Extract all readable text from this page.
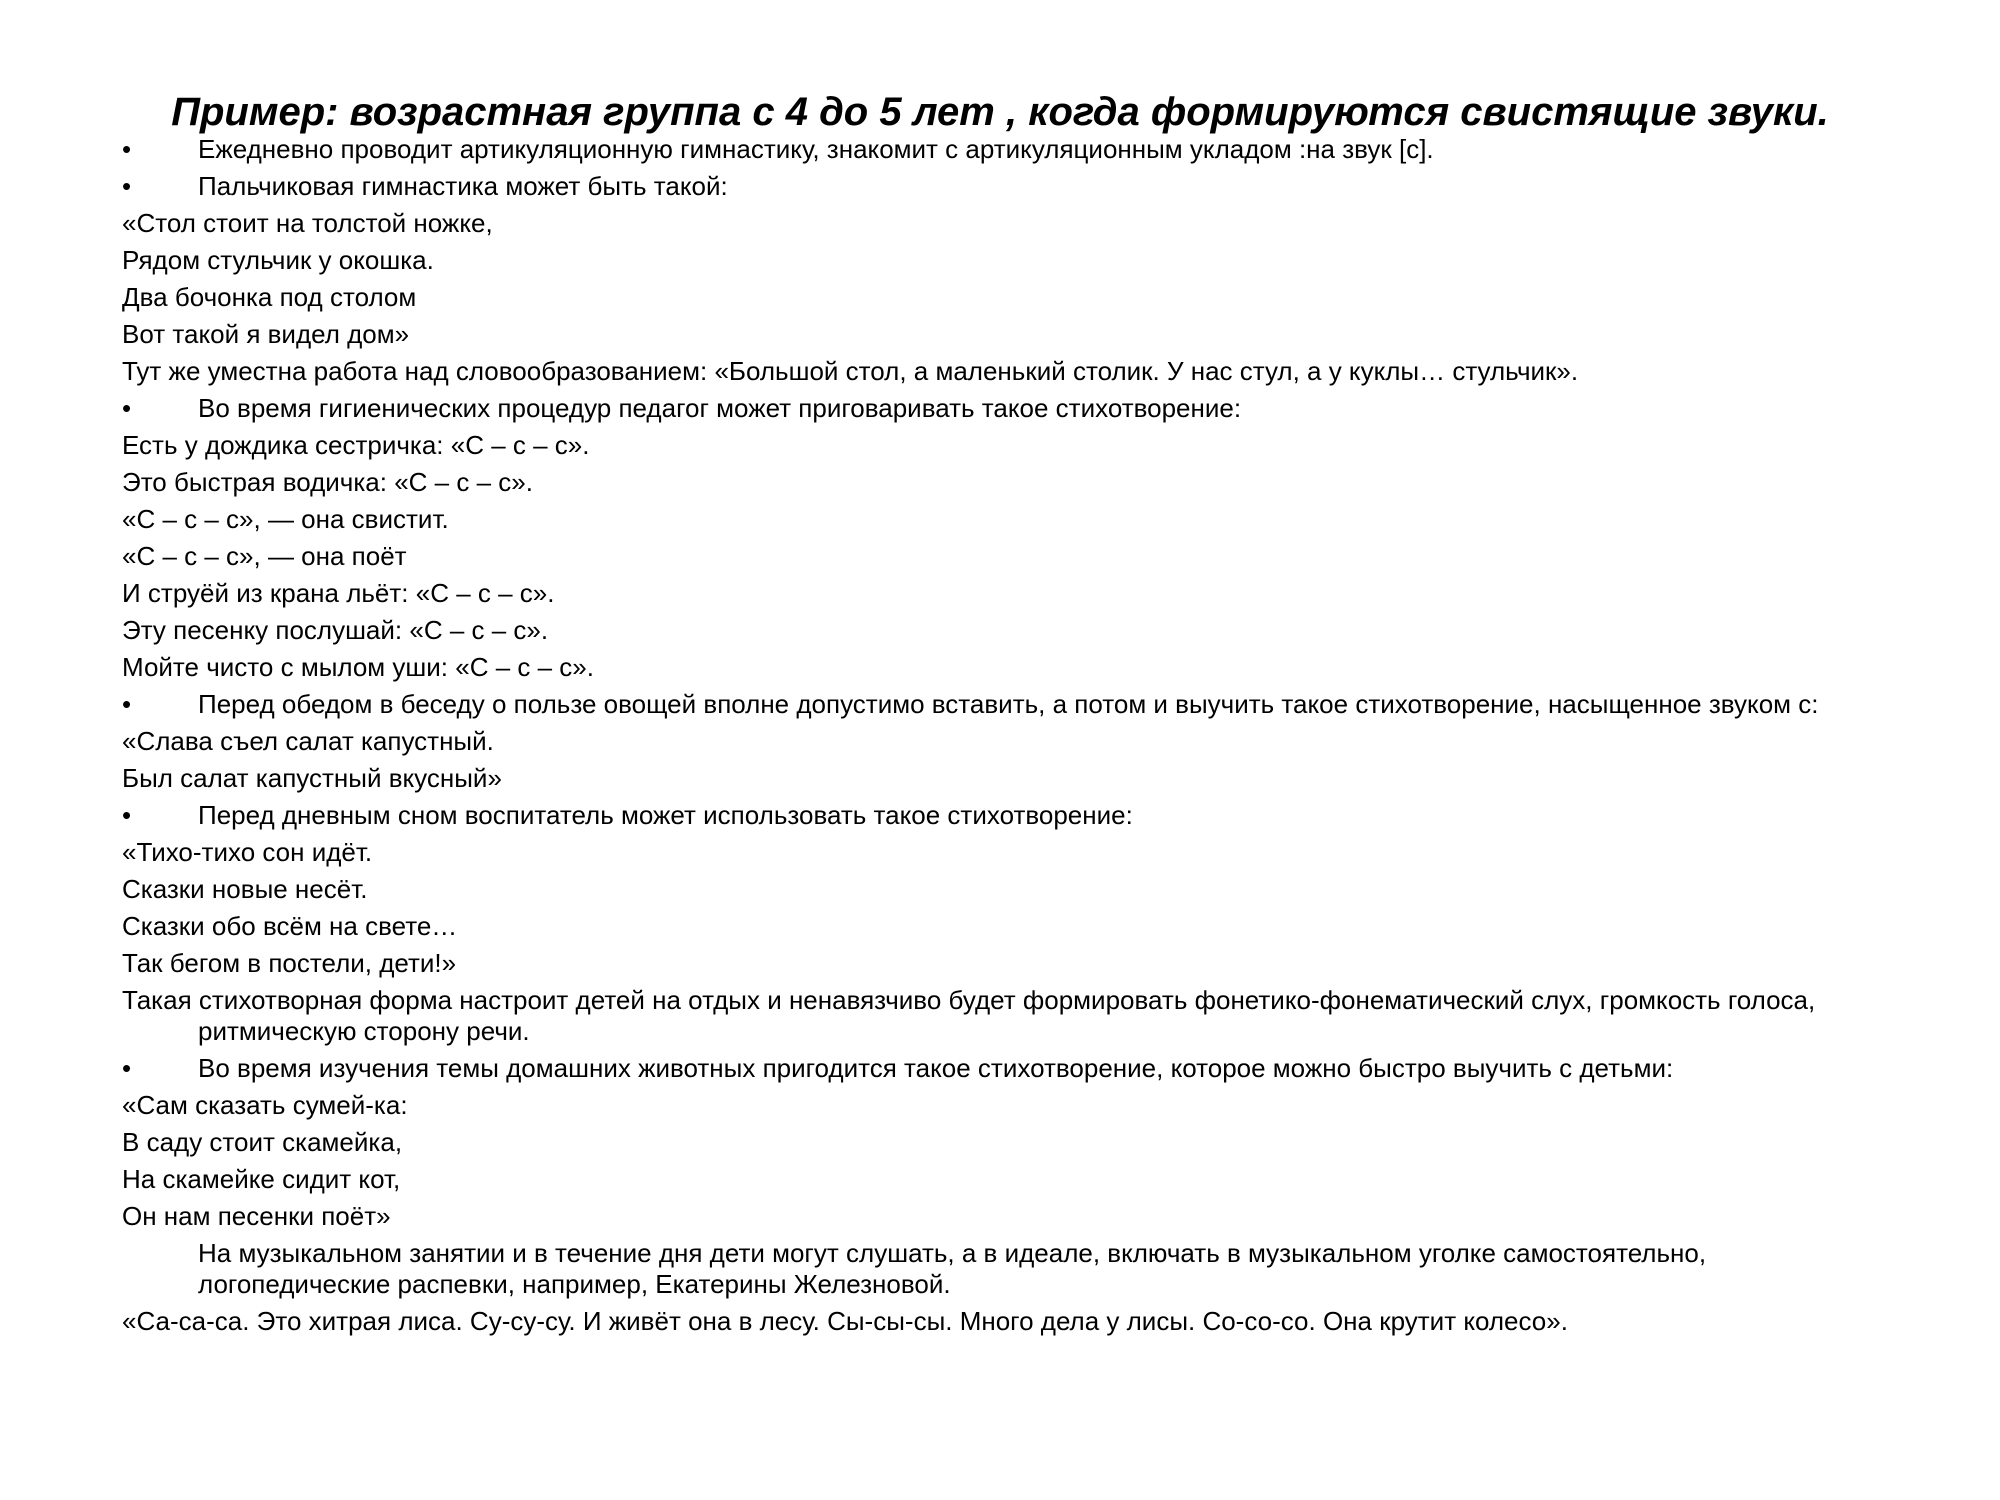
Пример: возрастная группа с 4 до 5 лет , когда формируются свистящие звуки.
•	Ежедневно проводит артикуляционную гимнастику, знакомит с артикуляционным укладом :на звук [с].
•	Пальчиковая гимнастика может быть такой:
«Стол стоит на толстой ножке,
Рядом стульчик у окошка.
Два бочонка под столом
Вот такой я видел дом»
Тут же уместна работа над словообразованием: «Большой стол, а маленький столик. У нас стул, а у куклы… стульчик».
•	Во время гигиенических процедур педагог может приговаривать такое стихотворение:
Есть у дождика сестричка: «С – с – с».
Это быстрая водичка: «С – с – с».
«С – с – с», — она свистит.
«С – с – с», — она поёт
И струёй из крана льёт: «С – с – с».
Эту песенку послушай: «С – с – с».
Мойте чисто с мылом уши: «С – с – с».
•	Перед обедом в беседу о пользе овощей вполне допустимо вставить, а потом и выучить такое стихотворение, насыщенное звуком с:
«Слава съел салат капустный.
Был салат капустный вкусный»
•	Перед дневным сном воспитатель может использовать такое стихотворение:
«Тихо-тихо сон идёт.
Сказки новые несёт.
Сказки обо всём на свете…
Так бегом в постели, дети!»
Такая стихотворная форма настроит детей на отдых и ненавязчиво будет формировать фонетико-фонематический слух, громкость голоса, ритмическую сторону речи.
•	Во время изучения темы домашних животных пригодится такое стихотворение, которое можно быстро выучить с детьми:
«Сам сказать сумей-ка:
В саду стоит скамейка,
На скамейке сидит кот,
Он нам песенки поёт»
На музыкальном занятии и в течение дня дети могут слушать, а в идеале, включать в музыкальном уголке самостоятельно, логопедические распевки, например, Екатерины Железновой.
«Са-са-са. Это хитрая лиса. Су-су-су. И живёт она в лесу. Сы-сы-сы. Много дела у лисы. Со-со-со. Она крутит колесо».
